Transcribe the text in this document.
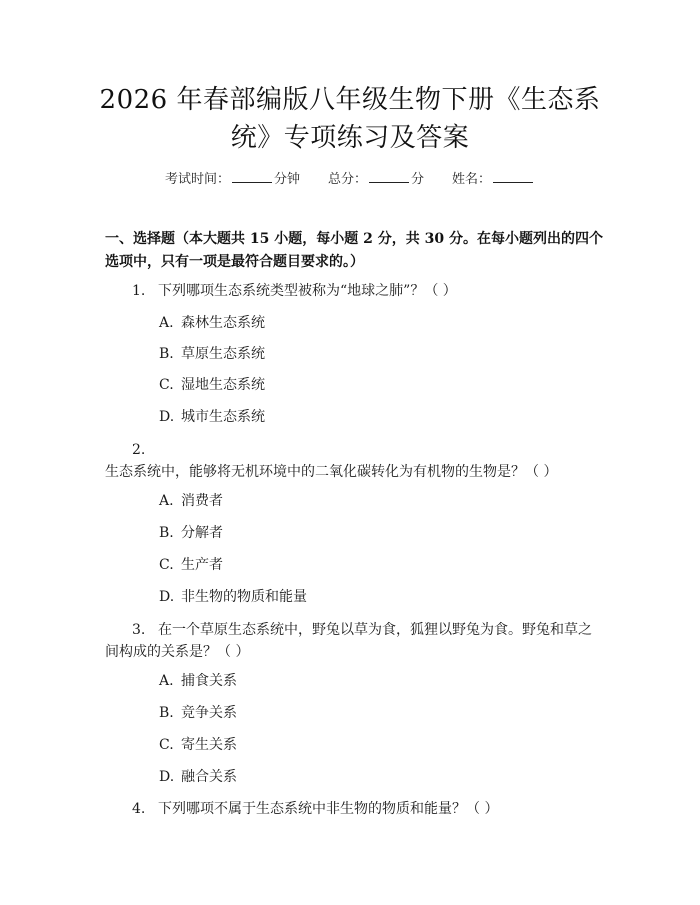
2026 年春部编版八年级生物下册《生态系
统》专项练习及答案
考试时间：	分钟 总分：	分 姓名：
一、选择题（本大题共 15 小题，每小题 2 分，共 30 分。在每小题列出的四个选项中，只有一项是最符合题目要求的。）
1. 下列哪项生态系统类型被称为“地球之肺”？（ ）
A. 森林生态系统
B. 草原生态系统
C. 湿地生态系统
D. 城市生态系统
2.生态系统中，能够将无机环境中的二氧化碳转化为有机物的生物是？（ ）
A. 消费者
B. 分解者
C. 生产者
D. 非生物的物质和能量
3. 在一个草原生态系统中，野兔以草为食，狐狸以野兔为食。野兔和草之间构成的关系是？（ ）
A. 捕食关系
B. 竞争关系
C. 寄生关系
D. 融合关系
4. 下列哪项不属于生态系统中非生物的物质和能量？（ ）
